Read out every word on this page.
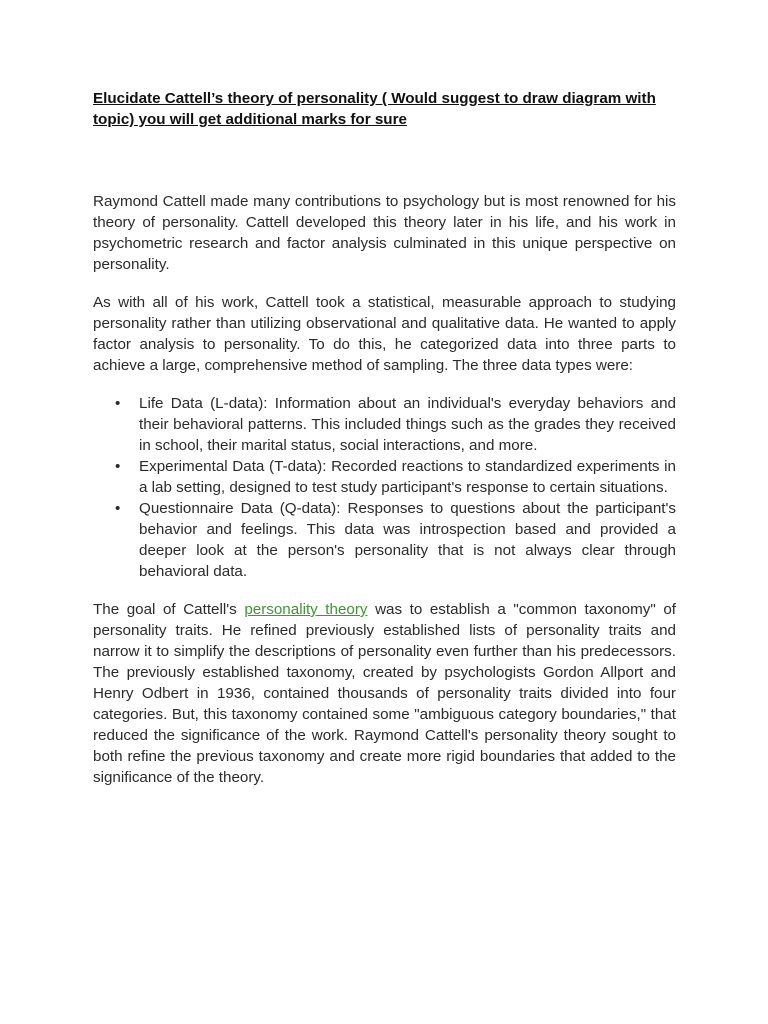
Elucidate Cattell’s theory of personality ( Would suggest to draw diagram with topic) you will get additional marks for sure

Raymond Cattell made many contributions to psychology but is most renowned for his theory of personality. Cattell developed this theory later in his life, and his work in psychometric research and factor analysis culminated in this unique perspective on personality.

As with all of his work, Cattell took a statistical, measurable approach to studying personality rather than utilizing observational and qualitative data. He wanted to apply factor analysis to personality. To do this, he categorized data into three parts to achieve a large, comprehensive method of sampling. The three data types were:

•	Life Data (L-data): Information about an individual's everyday behaviors and their behavioral patterns. This included things such as the grades they received in school, their marital status, social interactions, and more.
•	Experimental Data (T-data): Recorded reactions to standardized experiments in a lab setting, designed to test study participant's response to certain situations.
•	Questionnaire Data (Q-data): Responses to questions about the participant's behavior and feelings. This data was introspection based and provided a deeper look at the person's personality that is not always clear through behavioral data.

The goal of Cattell's personality theory was to establish a "common taxonomy" of personality traits. He refined previously established lists of personality traits and narrow it to simplify the descriptions of personality even further than his predecessors. The previously established taxonomy, created by psychologists Gordon Allport and Henry Odbert in 1936, contained thousands of personality traits divided into four categories. But, this taxonomy contained some "ambiguous category boundaries," that reduced the significance of the work. Raymond Cattell's personality theory sought to both refine the previous taxonomy and create more rigid boundaries that added to the significance of the theory.
